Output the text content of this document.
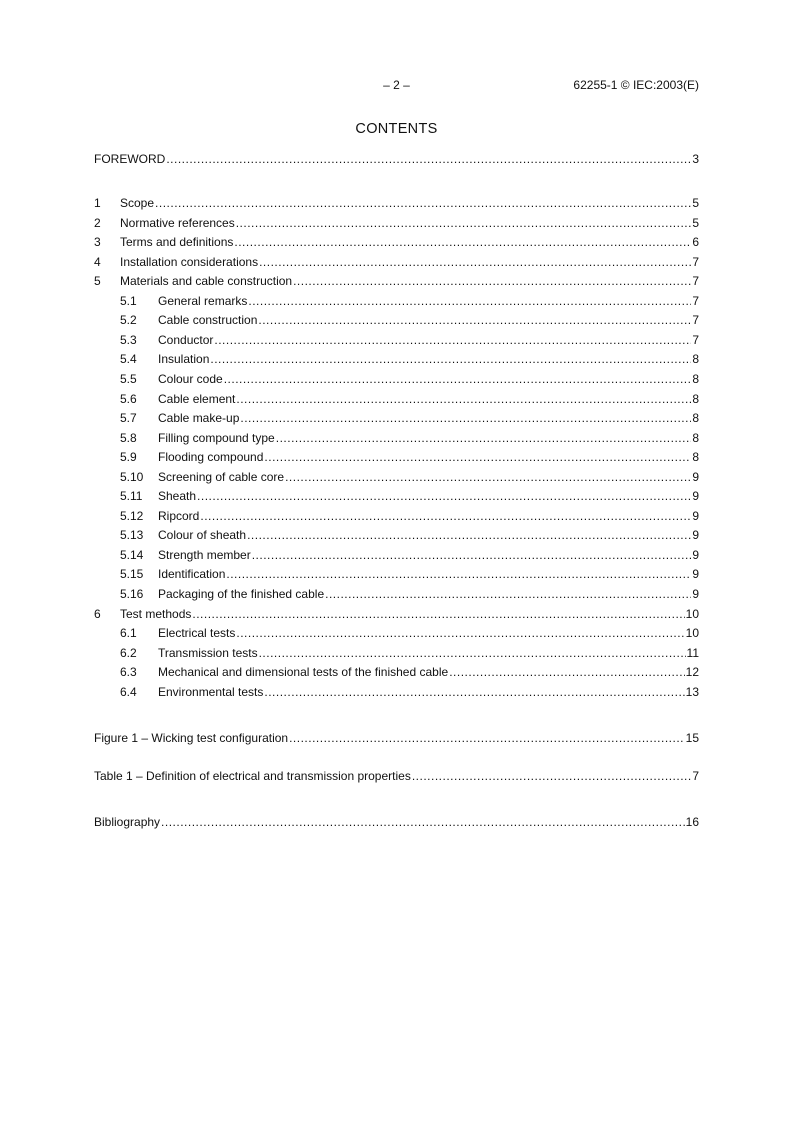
– 2 –	62255-1 © IEC:2003(E)
CONTENTS
FOREWORD .....	3
1	Scope .....	5
2	Normative references .....	5
3	Terms and definitions .....	6
4	Installation considerations .....	7
5	Materials and cable construction .....	7
5.1	General remarks .....	7
5.2	Cable construction .....	7
5.3	Conductor .....	7
5.4	Insulation .....	8
5.5	Colour code .....	8
5.6	Cable element .....	8
5.7	Cable make-up .....	8
5.8	Filling compound type .....	8
5.9	Flooding compound .....	8
5.10	Screening of cable core .....	9
5.11	Sheath .....	9
5.12	Ripcord .....	9
5.13	Colour of sheath .....	9
5.14	Strength member .....	9
5.15	Identification .....	9
5.16	Packaging of the finished cable .....	9
6	Test methods .....	10
6.1	Electrical tests .....	10
6.2	Transmission tests .....	11
6.3	Mechanical and dimensional tests of the finished cable .....	12
6.4	Environmental tests .....	13
Figure 1 – Wicking test configuration .....	15
Table 1 – Definition of electrical and transmission properties .....	7
Bibliography .....	16
